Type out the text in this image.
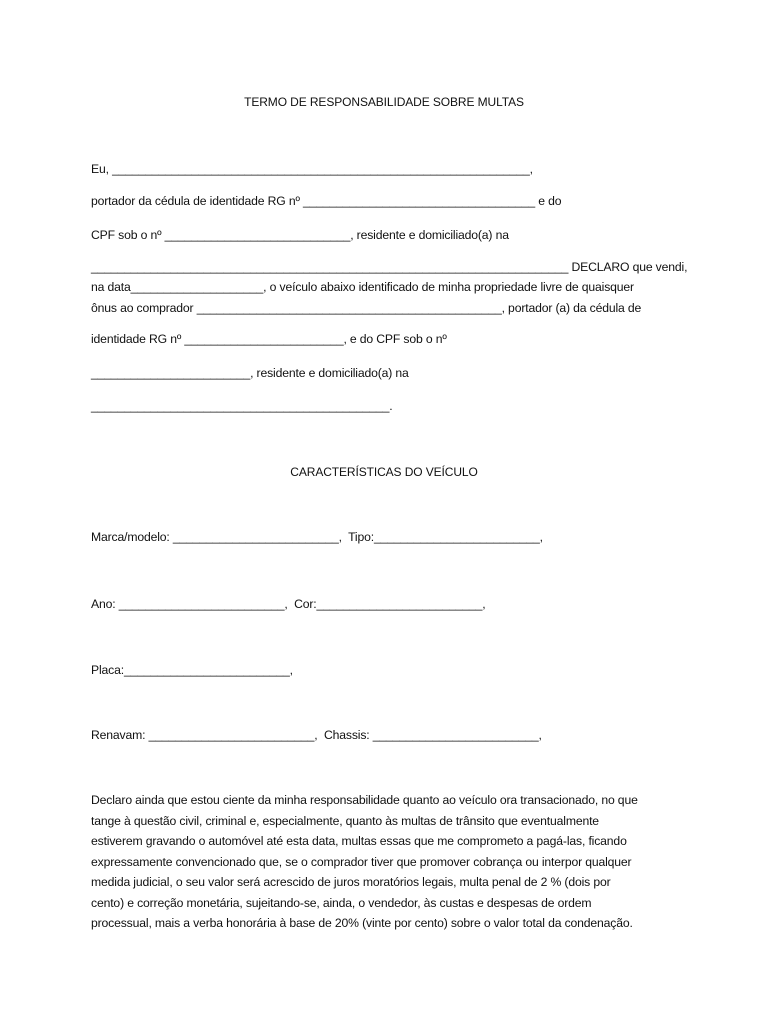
TERMO DE RESPONSABILIDADE SOBRE MULTAS
Eu, _______________________________________________________________,
portador da cédula de identidade RG nº ___________________________________ e do
CPF sob o nº ____________________________, residente e domiciliado(a) na
________________________________________________________________________ DECLARO que vendi,
na data____________________, o veículo abaixo identificado de minha propriedade livre de quaisquer
ônus ao comprador ______________________________________________, portador (a) da cédula de
identidade RG nº ________________________, e do CPF sob o nº
________________________, residente e domiciliado(a) na
_____________________________________________.
CARACTERÍSTICAS DO VEÍCULO
Marca/modelo: _________________________,  Tipo:_________________________,
Ano: _________________________,  Cor:_________________________,
Placa:_________________________,
Renavam: _________________________,  Chassis: _________________________,
Declaro ainda que estou ciente da minha responsabilidade quanto ao veículo ora transacionado, no que
tange à questão civil, criminal e, especialmente, quanto às multas de trânsito que eventualmente
estiverem gravando o automóvel até esta data, multas essas que me comprometo a pagá-las, ficando
expressamente convencionado que, se o comprador tiver que promover cobrança ou interpor qualquer
medida judicial, o seu valor será acrescido de juros moratórios legais, multa penal de 2 % (dois por
cento) e correção monetária, sujeitando-se, ainda, o vendedor, às custas e despesas de ordem
processual, mais a verba honorária à base de 20% (vinte por cento) sobre o valor total da condenação.
